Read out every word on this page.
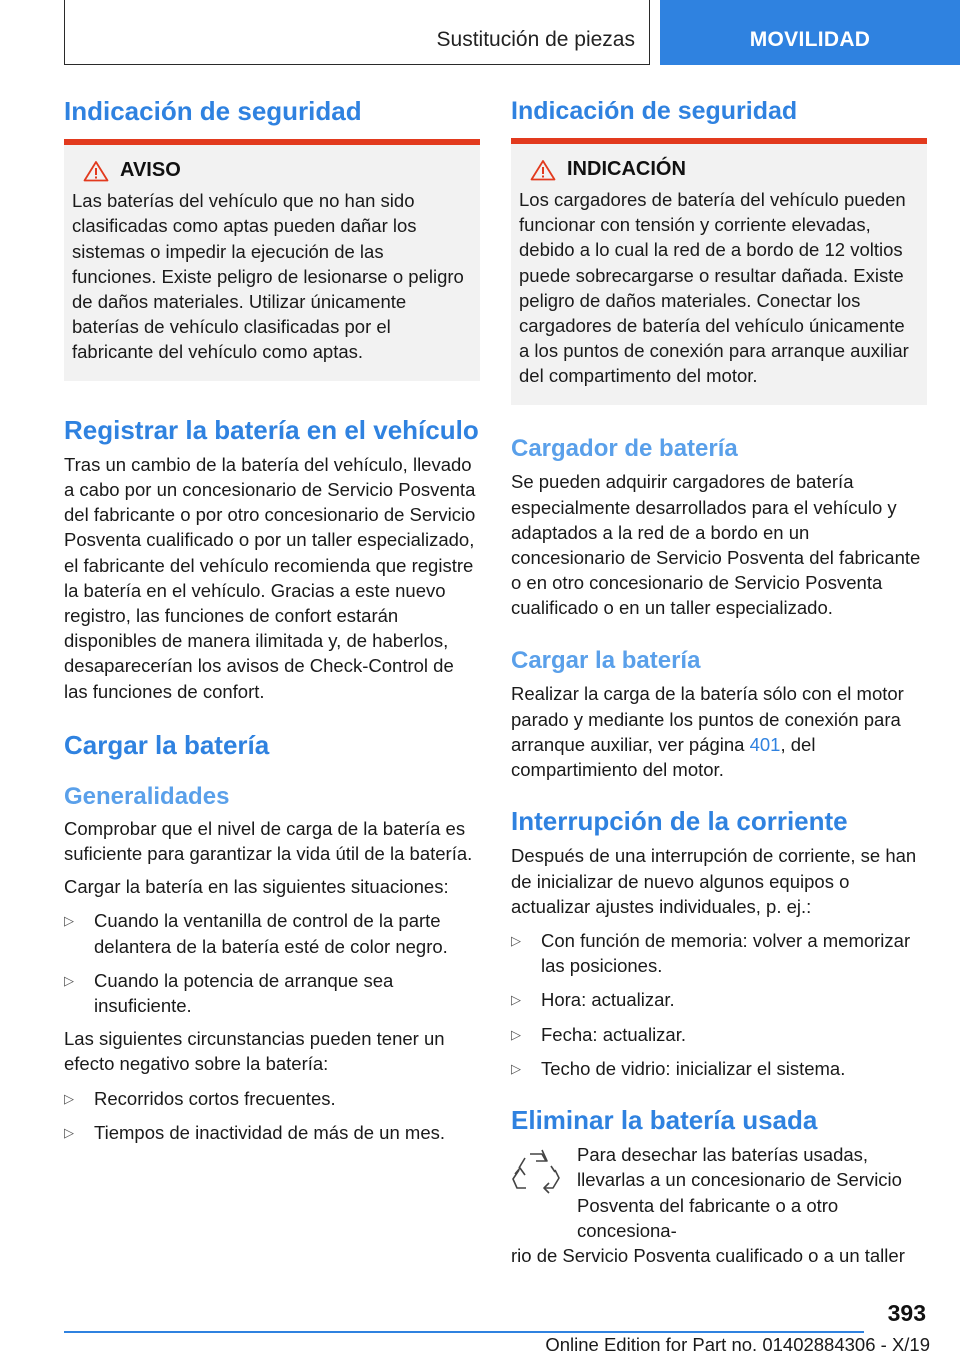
Sustitución de piezas	MOVILIDAD
Indicación de seguridad
AVISO

Las baterías del vehículo que no han sido clasificadas como aptas pueden dañar los sistemas o impedir la ejecución de las funciones. Existe peligro de lesionarse o peligro de daños materiales. Utilizar únicamente baterías de vehículo clasificadas por el fabricante del vehículo como aptas.

Registrar la batería en el vehículo

Tras un cambio de la batería del vehículo, llevado a cabo por un concesionario de Servicio Posventa del fabricante o por otro concesionario de Servicio Posventa cualificado o por un taller especializado, el fabricante del vehículo recomienda que registre la batería en el vehículo. Gracias a este nuevo registro, las funciones de confort estarán disponibles de manera ilimitada y, de haberlos, desaparecerían los avisos de Check-Control de las funciones de confort.

Cargar la batería
Generalidades

Comprobar que el nivel de carga de la batería es suficiente para garantizar la vida útil de la batería.

Cargar la batería en las siguientes situaciones:

▷	Cuando la ventanilla de control de la parte delantera de la batería esté de color negro.
▷	Cuando la potencia de arranque sea insuficiente.

Las siguientes circunstancias pueden tener un efecto negativo sobre la batería:

▷	Recorridos cortos frecuentes.
▷	Tiempos de inactividad de más de un mes.
Indicación de seguridad
INDICACIÓN

Los cargadores de batería del vehículo pueden funcionar con tensión y corriente elevadas, debido a lo cual la red de a bordo de 12 voltios puede sobrecargarse o resultar dañada. Existe peligro de daños materiales. Conectar los cargadores de batería del vehículo únicamente a los puntos de conexión para arranque auxiliar del compartimento del motor.

Cargador de batería

Se pueden adquirir cargadores de batería especialmente desarrollados para el vehículo y adaptados a la red de a bordo en un concesionario de Servicio Posventa del fabricante o en otro concesionario de Servicio Posventa cualificado o en un taller especializado.

Cargar la batería

Realizar la carga de la batería sólo con el motor parado y mediante los puntos de conexión para arranque auxiliar, ver página 401, del compartimiento del motor.

Interrupción de la corriente

Después de una interrupción de corriente, se han de inicializar de nuevo algunos equipos o actualizar ajustes individuales, p. ej.:

▷	Con función de memoria: volver a memorizar las posiciones.
▷	Hora: actualizar.
▷	Fecha: actualizar.
▷	Techo de vidrio: inicializar el sistema.
Eliminar la batería usada

Para desechar las baterías usadas, llevarlas a un concesionario de Servicio Posventa del fabricante o a otro concesiona-

rio de Servicio Posventa cualificado o a un taller

393
Online Edition for Part no. 01402884306 - X/19
